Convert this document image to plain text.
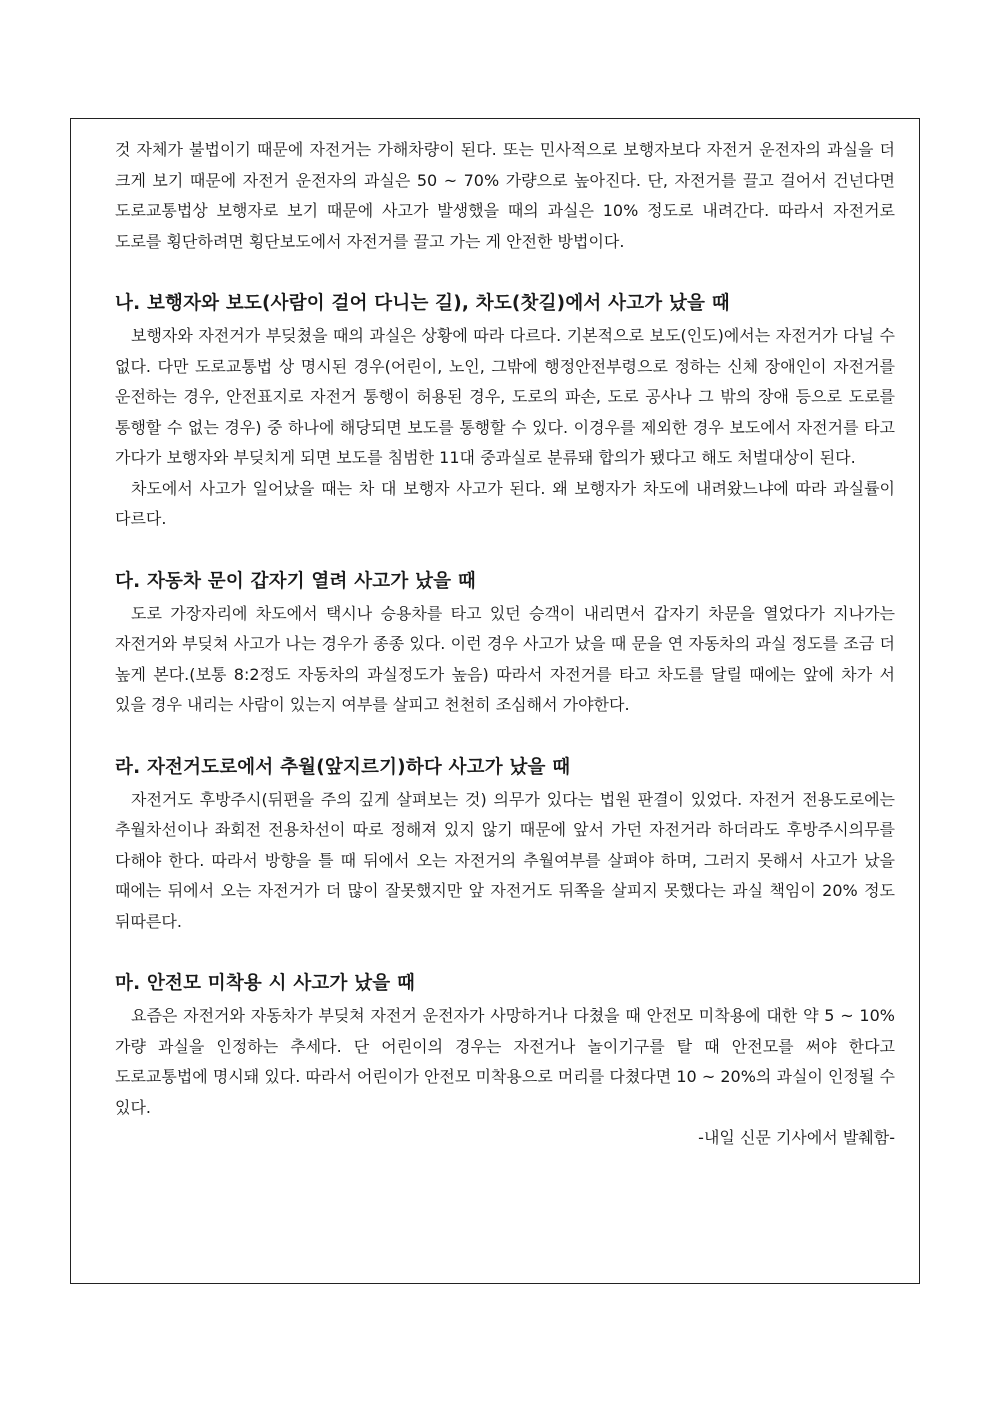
것 자체가 불법이기 때문에 자전거는 가해차량이 된다. 또는 민사적으로 보행자보다 자전거 운전자의 과실을 더 크게 보기 때문에 자전거 운전자의 과실은 50 ~ 70% 가량으로 높아진다. 단, 자전거를 끌고 걸어서 건넌다면 도로교통법상 보행자로 보기 때문에 사고가 발생했을 때의 과실은 10% 정도로 내려간다. 따라서 자전거로 도로를 횡단하려면 횡단보도에서 자전거를 끌고 가는 게 안전한 방법이다.

나. 보행자와 보도(사람이 걸어 다니는 길), 차도(찻길)에서 사고가 났을 때

보행자와 자전거가 부딪쳤을 때의 과실은 상황에 따라 다르다. 기본적으로 보도(인도)에서는 자전거가 다닐 수 없다. 다만 도로교통법 상 명시된 경우(어린이, 노인, 그밖에 행정안전부령으로 정하는 신체 장애인이 자전거를 운전하는 경우, 안전표지로 자전거 통행이 허용된 경우, 도로의 파손, 도로 공사나 그 밖의 장애 등으로 도로를 통행할 수 없는 경우) 중 하나에 해당되면 보도를 통행할 수 있다. 이경우를 제외한 경우 보도에서 자전거를 타고 가다가 보행자와 부딪치게 되면 보도를 침범한 11대 중과실로 분류돼 합의가 됐다고 해도 처벌대상이 된다.

차도에서 사고가 일어났을 때는 차 대 보행자 사고가 된다. 왜 보행자가 차도에 내려왔느냐에 따라 과실률이 다르다.

다. 자동차 문이 갑자기 열려 사고가 났을 때

도로 가장자리에 차도에서 택시나 승용차를 타고 있던 승객이 내리면서 갑자기 차문을 열었다가 지나가는 자전거와 부딪쳐 사고가 나는 경우가 종종 있다. 이런 경우 사고가 났을 때 문을 연 자동차의 과실 정도를 조금 더 높게 본다.(보통 8:2정도 자동차의 과실정도가 높음) 따라서 자전거를 타고 차도를 달릴 때에는 앞에 차가 서 있을 경우 내리는 사람이 있는지 여부를 살피고 천천히 조심해서 가야한다.

라. 자전거도로에서 추월(앞지르기)하다 사고가 났을 때

자전거도 후방주시(뒤편을 주의 깊게 살펴보는 것) 의무가 있다는 법원 판결이 있었다. 자전거 전용도로에는 추월차선이나 좌회전 전용차선이 따로 정해져 있지 않기 때문에 앞서 가던 자전거라 하더라도 후방주시의무를 다해야 한다. 따라서 방향을 틀 때 뒤에서 오는 자전거의 추월여부를 살펴야 하며, 그러지 못해서 사고가 났을 때에는 뒤에서 오는 자전거가 더 많이 잘못했지만 앞 자전거도 뒤쪽을 살피지 못했다는 과실 책임이 20% 정도 뒤따른다.

마. 안전모 미착용 시 사고가 났을 때

요즘은 자전거와 자동차가 부딪쳐 자전거 운전자가 사망하거나 다쳤을 때 안전모 미착용에 대한 약 5 ~ 10% 가량 과실을 인정하는 추세다. 단 어린이의 경우는 자전거나 놀이기구를 탈 때 안전모를 써야 한다고 도로교통법에 명시돼 있다. 따라서 어린이가 안전모 미착용으로 머리를 다쳤다면 10 ~ 20%의 과실이 인정될 수 있다.

-내일 신문 기사에서 발췌함-
